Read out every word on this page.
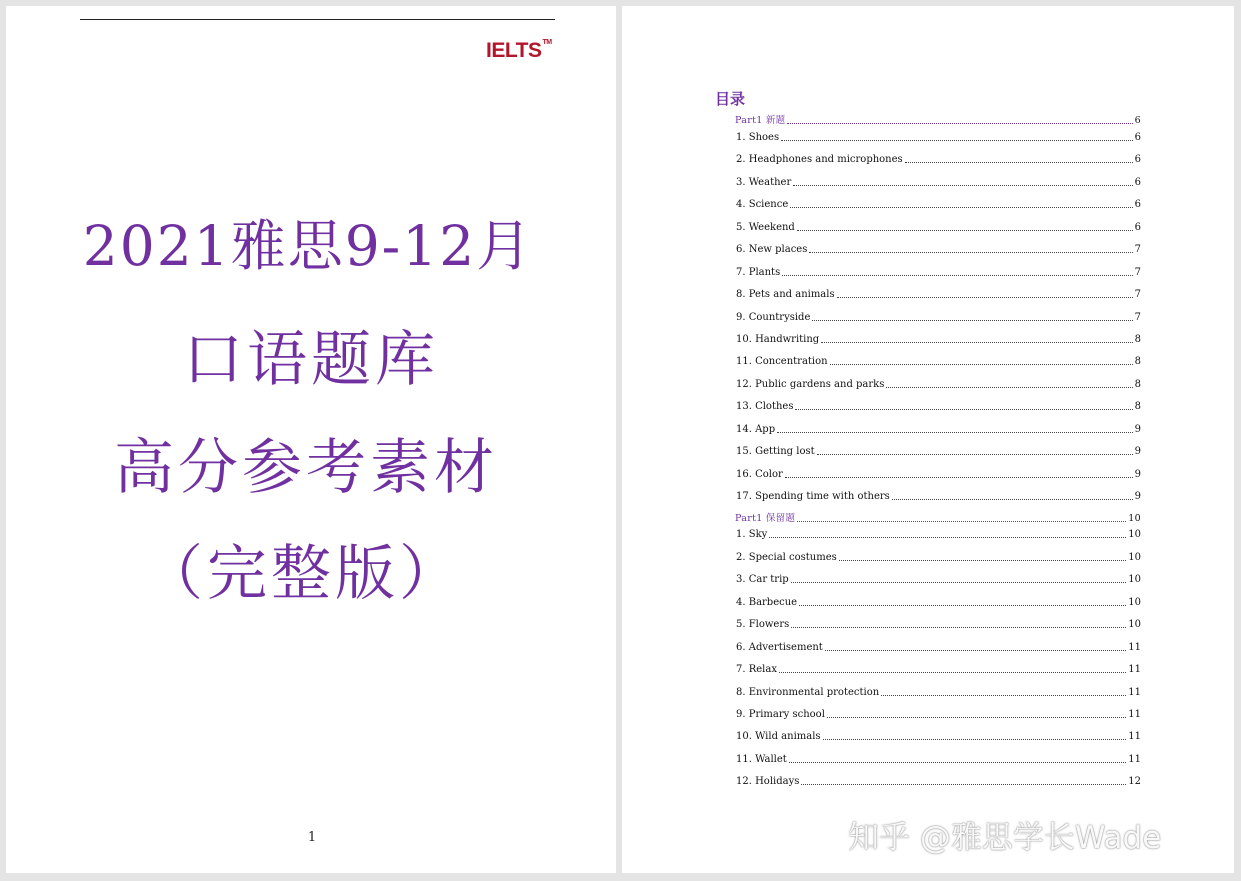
IELTS™
2021雅思9-12月
口语题库
高分参考素材
（完整版）
1
目录
Part1 新题	6
1. Shoes	6
2. Headphones and microphones	6
3. Weather	6
4. Science	6
5. Weekend	6
6. New places	7
7. Plants	7
8. Pets and animals	7
9. Countryside	7
10. Handwriting	8
11. Concentration	8
12. Public gardens and parks	8
13. Clothes	8
14. App	9
15. Getting lost	9
16. Color	9
17. Spending time with others	9
Part1 保留题	10
1. Sky	10
2. Special costumes	10
3. Car trip	10
4. Barbecue	10
5. Flowers	10
6. Advertisement	11
7. Relax	11
8. Environmental protection	11
9. Primary school	11
10. Wild animals	11
11. Wallet	11
12. Holidays	12
知乎 @雅思学长Wade
